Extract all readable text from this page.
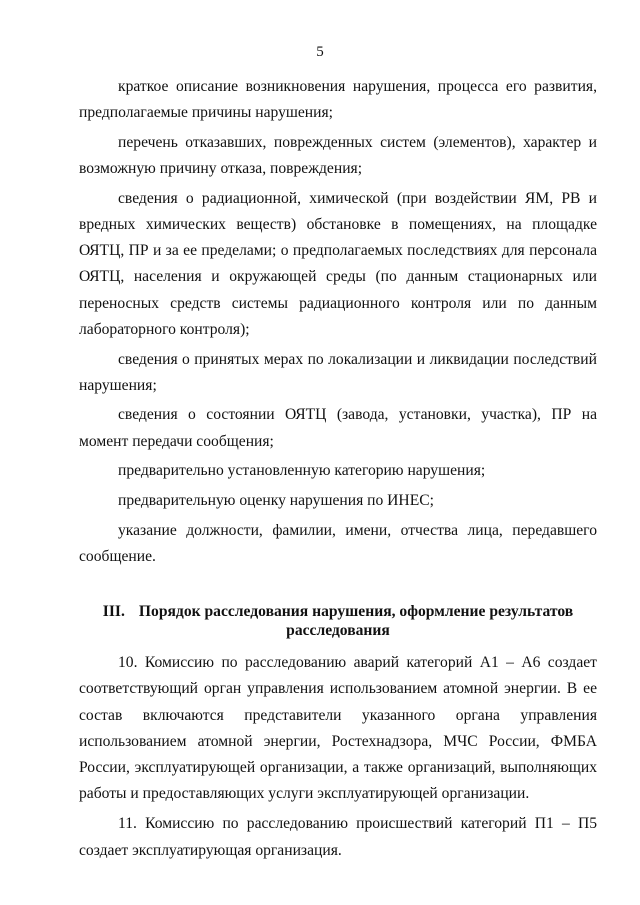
5

краткое описание возникновения нарушения, процесса его развития, предполагаемые причины нарушения;

перечень отказавших, поврежденных систем (элементов), характер и возможную причину отказа, повреждения;

сведения о радиационной, химической (при воздействии ЯМ, РВ и вредных химических веществ) обстановке в помещениях, на площадке ОЯТЦ, ПР и за ее пределами; о предполагаемых последствиях для персонала ОЯТЦ, населения и окружающей среды (по данным стационарных или переносных средств системы радиационного контроля или по данным лабораторного контроля);

сведения о принятых мерах по локализации и ликвидации последствий нарушения;

сведения о состоянии ОЯТЦ (завода, установки, участка), ПР на момент передачи сообщения;

предварительно установленную категорию нарушения;

предварительную оценку нарушения по ИНЕС;

указание должности, фамилии, имени, отчества лица, передавшего сообщение.

III. Порядок расследования нарушения, оформление результатов расследования

10. Комиссию по расследованию аварий категорий А1 – А6 создает соответствующий орган управления использованием атомной энергии. В ее состав включаются представители указанного органа управления использованием атомной энергии, Ростехнадзора, МЧС России, ФМБА России, эксплуатирующей организации, а также организаций, выполняющих работы и предоставляющих услуги эксплуатирующей организации.

11. Комиссию по расследованию происшествий категорий П1 – П5 создает эксплуатирующая организация.
